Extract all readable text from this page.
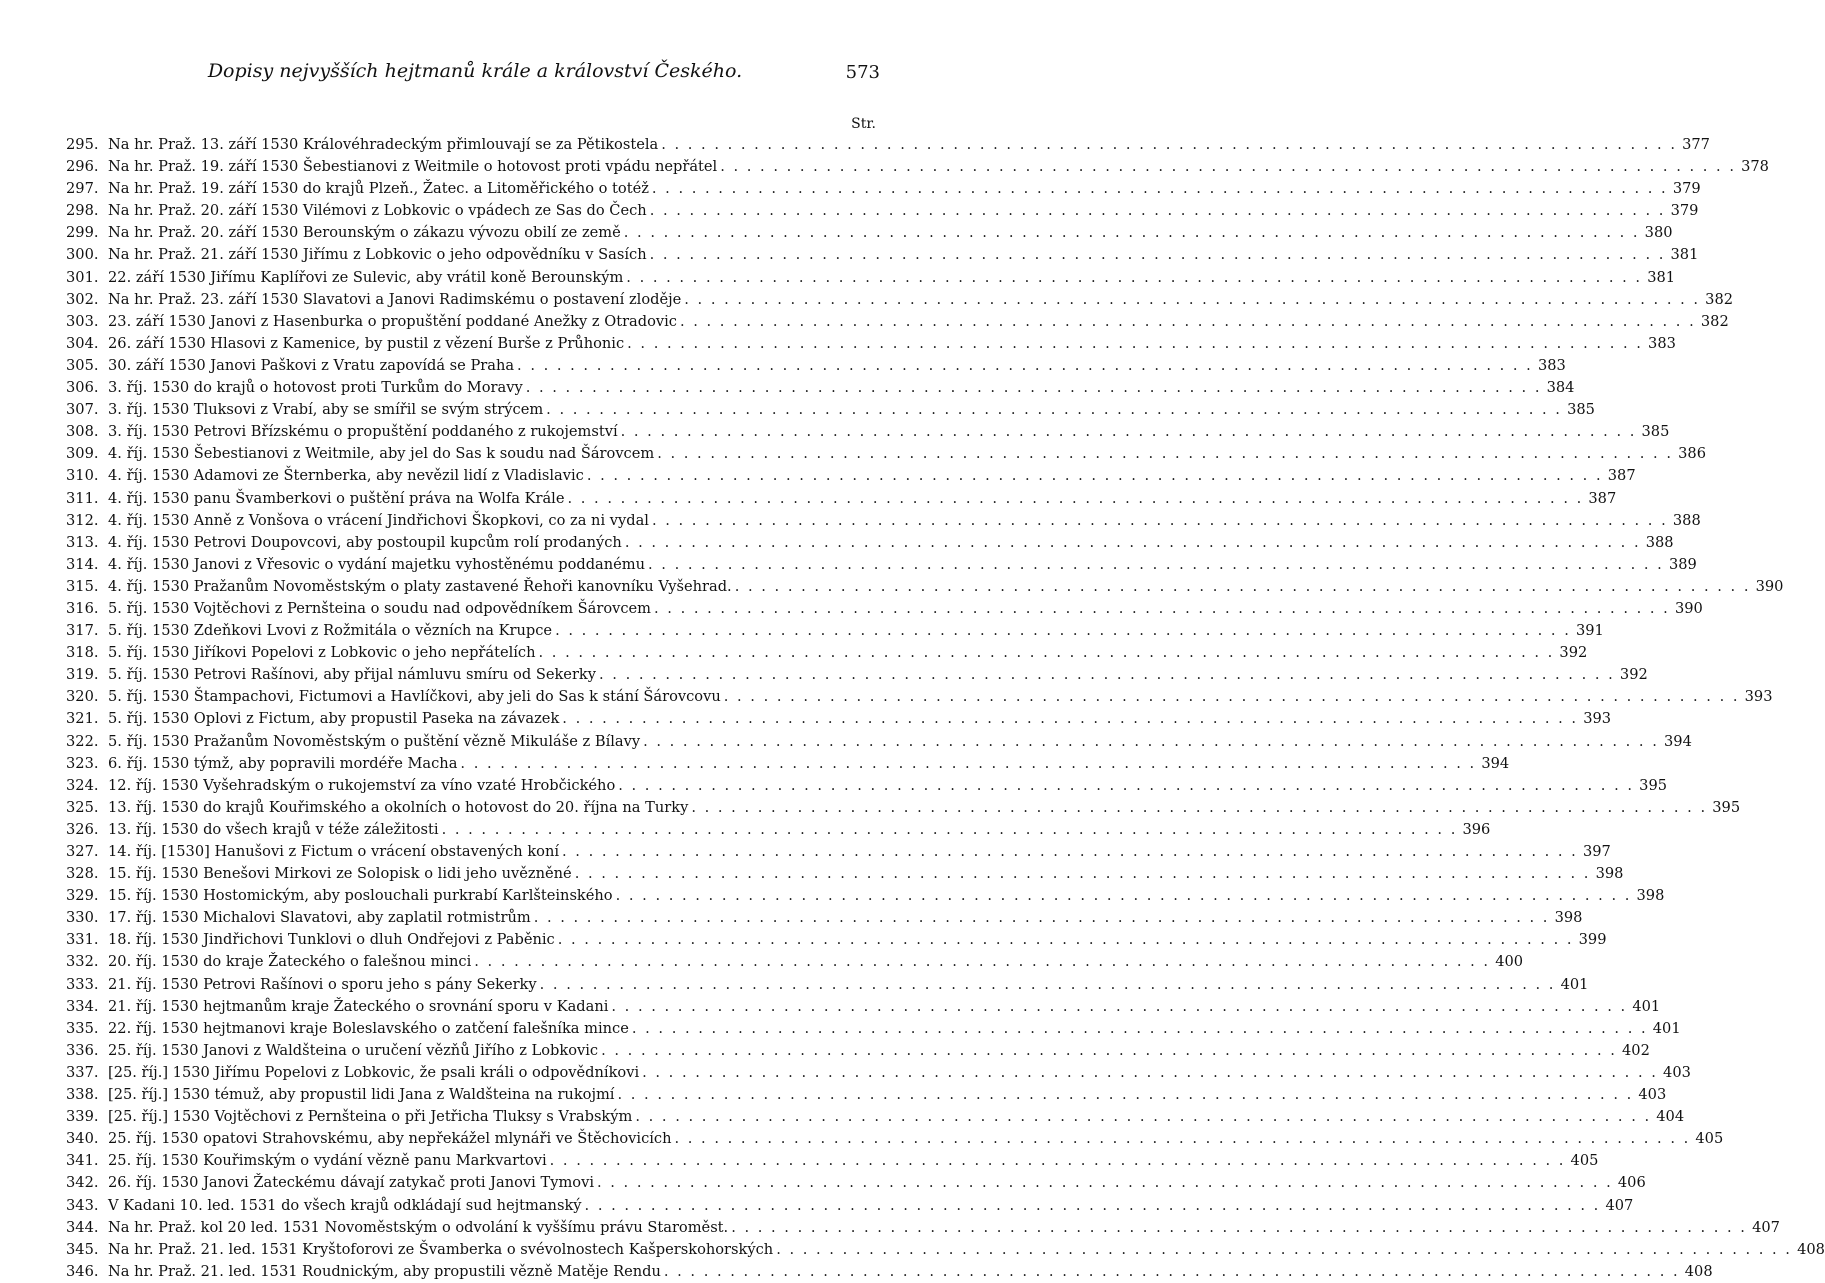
Dopisy nejvyšších hejtmanů krále a království Českého.	573
Str.
295. Na hr. Praž. 13. září 1530 Královéhradeckým přimlouvají se za Pětikostela . . .	377
296. Na hr. Praž. 19. září 1530 Šebestianovi z Weitmile o hotovost proti vpádu nepřátel . . .	378
297. Na hr. Praž. 19. září 1530 do krajů Plzeň., Žatec. a Litoměřického o totéž . . .	379
298. Na hr. Praž. 20. září 1530 Vilémovi z Lobkovic o vpádech ze Sas do Čech . . .	379
299. Na hr. Praž. 20. září 1530 Berounským o zákazu vývozu obilí ze země . . .	380
300. Na hr. Praž. 21. září 1530 Jiřímu z Lobkovic o jeho odpovědníku v Sasích . . .	381
301. 22. září 1530 Jiřímu Kaplířovi ze Sulevic, aby vrátil koně Berounským . . .	381
302. Na hr. Praž. 23. září 1530 Slavatovi a Janovi Radimskému o postavení zloděje . . .	382
303. 23. září 1530 Janovi z Hasenburka o propuštění poddané Anežky z Otradovic . . .	382
304. 26. září 1530 Hlasovi z Kamenice, by pustil z vězení Burše z Průhonic . . .	383
305. 30. září 1530 Janovi Paškovi z Vratu zapovídá se Praha . . .	383
306. 3. říj. 1530 do krajů o hotovost proti Turkům do Moravy . . .	384
307. 3. říj. 1530 Tluksovi z Vrabí, aby se smířil se svým strýcem . . .	385
308. 3. říj. 1530 Petrovi Břízskému o propuštění poddaného z rukojemství . . .	385
309. 4. říj. 1530 Šebestianovi z Weitmile, aby jel do Sas k soudu nad Šárovcem . . .	386
310. 4. říj. 1530 Adamovi ze Šternberka, aby nevězil lidí z Vladislavic . . .	387
311. 4. říj. 1530 panu Švamberkovi o puštění práva na Wolfa Krále . . .	387
312. 4. říj. 1530 Anně z Vonšova o vrácení Jindřichovi Škopkovi, co za ni vydal . . .	388
313. 4. říj. 1530 Petrovi Doupovcovi, aby postoupil kupcům rolí prodaných . . .	388
314. 4. říj. 1530 Janovi z Vřesovic o vydání majetku vyhostěnému poddanému . . .	389
315. 4. říj. 1530 Pražanům Novoměstským o platy zastavené Řehoři kanovníku Vyšehrad. . . .	390
316. 5. říj. 1530 Vojtěchovi z Pernšteina o soudu nad odpovědníkem Šárovcem . . .	390
317. 5. říj. 1530 Zdeňkovi Lvovi z Rožmitála o vězních na Krupce . . .	391
318. 5. říj. 1530 Jiříkovi Popelovi z Lobkovic o jeho nepřátelích . . .	392
319. 5. říj. 1530 Petrovi Rašínovi, aby přijal námluvu smíru od Sekerky . . .	392
320. 5. říj. 1530 Štampachovi, Fictumovi a Havlíčkovi, aby jeli do Sas k stání Šárovcovu . . .	393
321. 5. říj. 1530 Oplovi z Fictum, aby propustil Paseka na závazek . . .	393
322. 5. říj. 1530 Pražanům Novoměstským o puštění vězně Mikuláše z Bílavy . . .	394
323. 6. říj. 1530 týmž, aby popravili mordéře Macha . . .	394
324. 12. říj. 1530 Vyšehradským o rukojemství za víno vzaté Hrobčického . . .	395
325. 13. říj. 1530 do krajů Kouřimského a okolních o hotovost do 20. října na Turky . . .	395
326. 13. říj. 1530 do všech krajů v téže záležitosti . . .	396
327. 14. říj. [1530] Hanušovi z Fictum o vrácení obstavených koní . . .	397
328. 15. říj. 1530 Benešovi Mirkovi ze Solopisk o lidi jeho uvězněné . . .	398
329. 15. říj. 1530 Hostomickým, aby poslouchali purkrabí Karlšteinského . . .	398
330. 17. říj. 1530 Michalovi Slavatovi, aby zaplatil rotmistrům . . .	398
331. 18. říj. 1530 Jindřichovi Tunklovi o dluh Ondřejovi z Paběnic . . .	399
332. 20. říj. 1530 do kraje Žateckého o falešnou minci . . .	400
333. 21. říj. 1530 Petrovi Rašínovi o sporu jeho s pány Sekerky . . .	401
334. 21. říj. 1530 hejtmanům kraje Žateckého o srovnání sporu v Kadani . . .	401
335. 22. říj. 1530 hejtmanovi kraje Boleslavského o zatčení falešníka mince . . .	401
336. 25. říj. 1530 Janovi z Waldšteina o uručení vězňů Jiřího z Lobkovic . . .	402
337. [25. říj.] 1530 Jiřímu Popelovi z Lobkovic, že psali králi o odpovědníkovi . . .	403
338. [25. říj.] 1530 témuž, aby propustil lidi Jana z Waldšteina na rukojmí . . .	403
339. [25. říj.] 1530 Vojtěchovi z Pernšteina o při Jetřicha Tluksy s Vrabským . . .	404
340. 25. říj. 1530 opatovi Strahovskému, aby nepřekážel mlynáři ve Štěchovicích . . .	405
341. 25. říj. 1530 Kouřimským o vydání vězně panu Markvartovi . . .	405
342. 26. říj. 1530 Janovi Žateckému dávají zatykač proti Janovi Tymovi . . .	406
343. V Kadani 10. led. 1531 do všech krajů odkládají sud hejtmanský . . .	407
344. Na hr. Praž. kol 20 led. 1531 Novoměstským o odvolání k vyššímu právu Staroměst. . . .	407
345. Na hr. Praž. 21. led. 1531 Kryštoforovi ze Švamberka o svévolnostech Kašperskohorských . . .	408
346. Na hr. Praž. 21. led. 1531 Roudnickým, aby propustili vězně Matěje Rendu . . .	408
